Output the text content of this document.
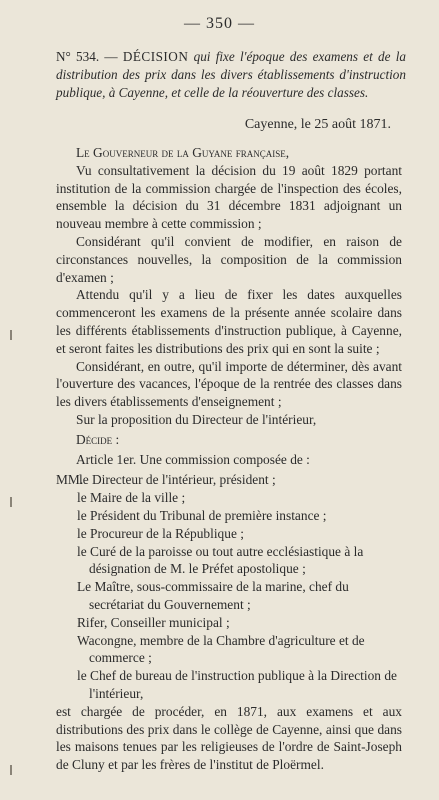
— 350 —
N° 534. — DÉCISION qui fixe l'époque des examens et de la distribution des prix dans les divers établissements d'instruction publique, à Cayenne, et celle de la réouverture des classes.
Cayenne, le 25 août 1871.

Le Gouverneur de la Guyane française,

Vu consultativement la décision du 19 août 1829 portant institution de la commission chargée de l'inspection des écoles, ensemble la décision du 31 décembre 1831 adjoignant un nouveau membre à cette commission ;

Considérant qu'il convient de modifier, en raison de circonstances nouvelles, la composition de la commission d'examen ;

Attendu qu'il y a lieu de fixer les dates auxquelles commenceront les examens de la présente année scolaire dans les différents établissements d'instruction publique, à Cayenne, et seront faites les distributions des prix qui en sont la suite ;

Considérant, en outre, qu'il importe de déterminer, dès avant l'ouverture des vacances, l'époque de la rentrée des classes dans les divers établissements d'enseignement ;

Sur la proposition du Directeur de l'intérieur,

Décide :

Article 1er. Une commission composée de :

MM.le Directeur de l'intérieur, président ;
le Maire de la ville ;
le Président du Tribunal de première instance ;
le Procureur de la République ;
le Curé de la paroisse ou tout autre ecclésiastique à la désignation de M. le Préfet apostolique ;
Le Maître, sous-commissaire de la marine, chef du secrétariat du Gouvernement ;
Rifer, Conseiller municipal ;
Wacongne, membre de la Chambre d'agriculture et de commerce ;
le Chef de bureau de l'instruction publique à la Direction de l'intérieur,

est chargée de procéder, en 1871, aux examens et aux distributions des prix dans le collège de Cayenne, ainsi que dans les maisons tenues par les religieuses de l'ordre de Saint-Joseph de Cluny et par les frères de l'institut de Ploërmel.
